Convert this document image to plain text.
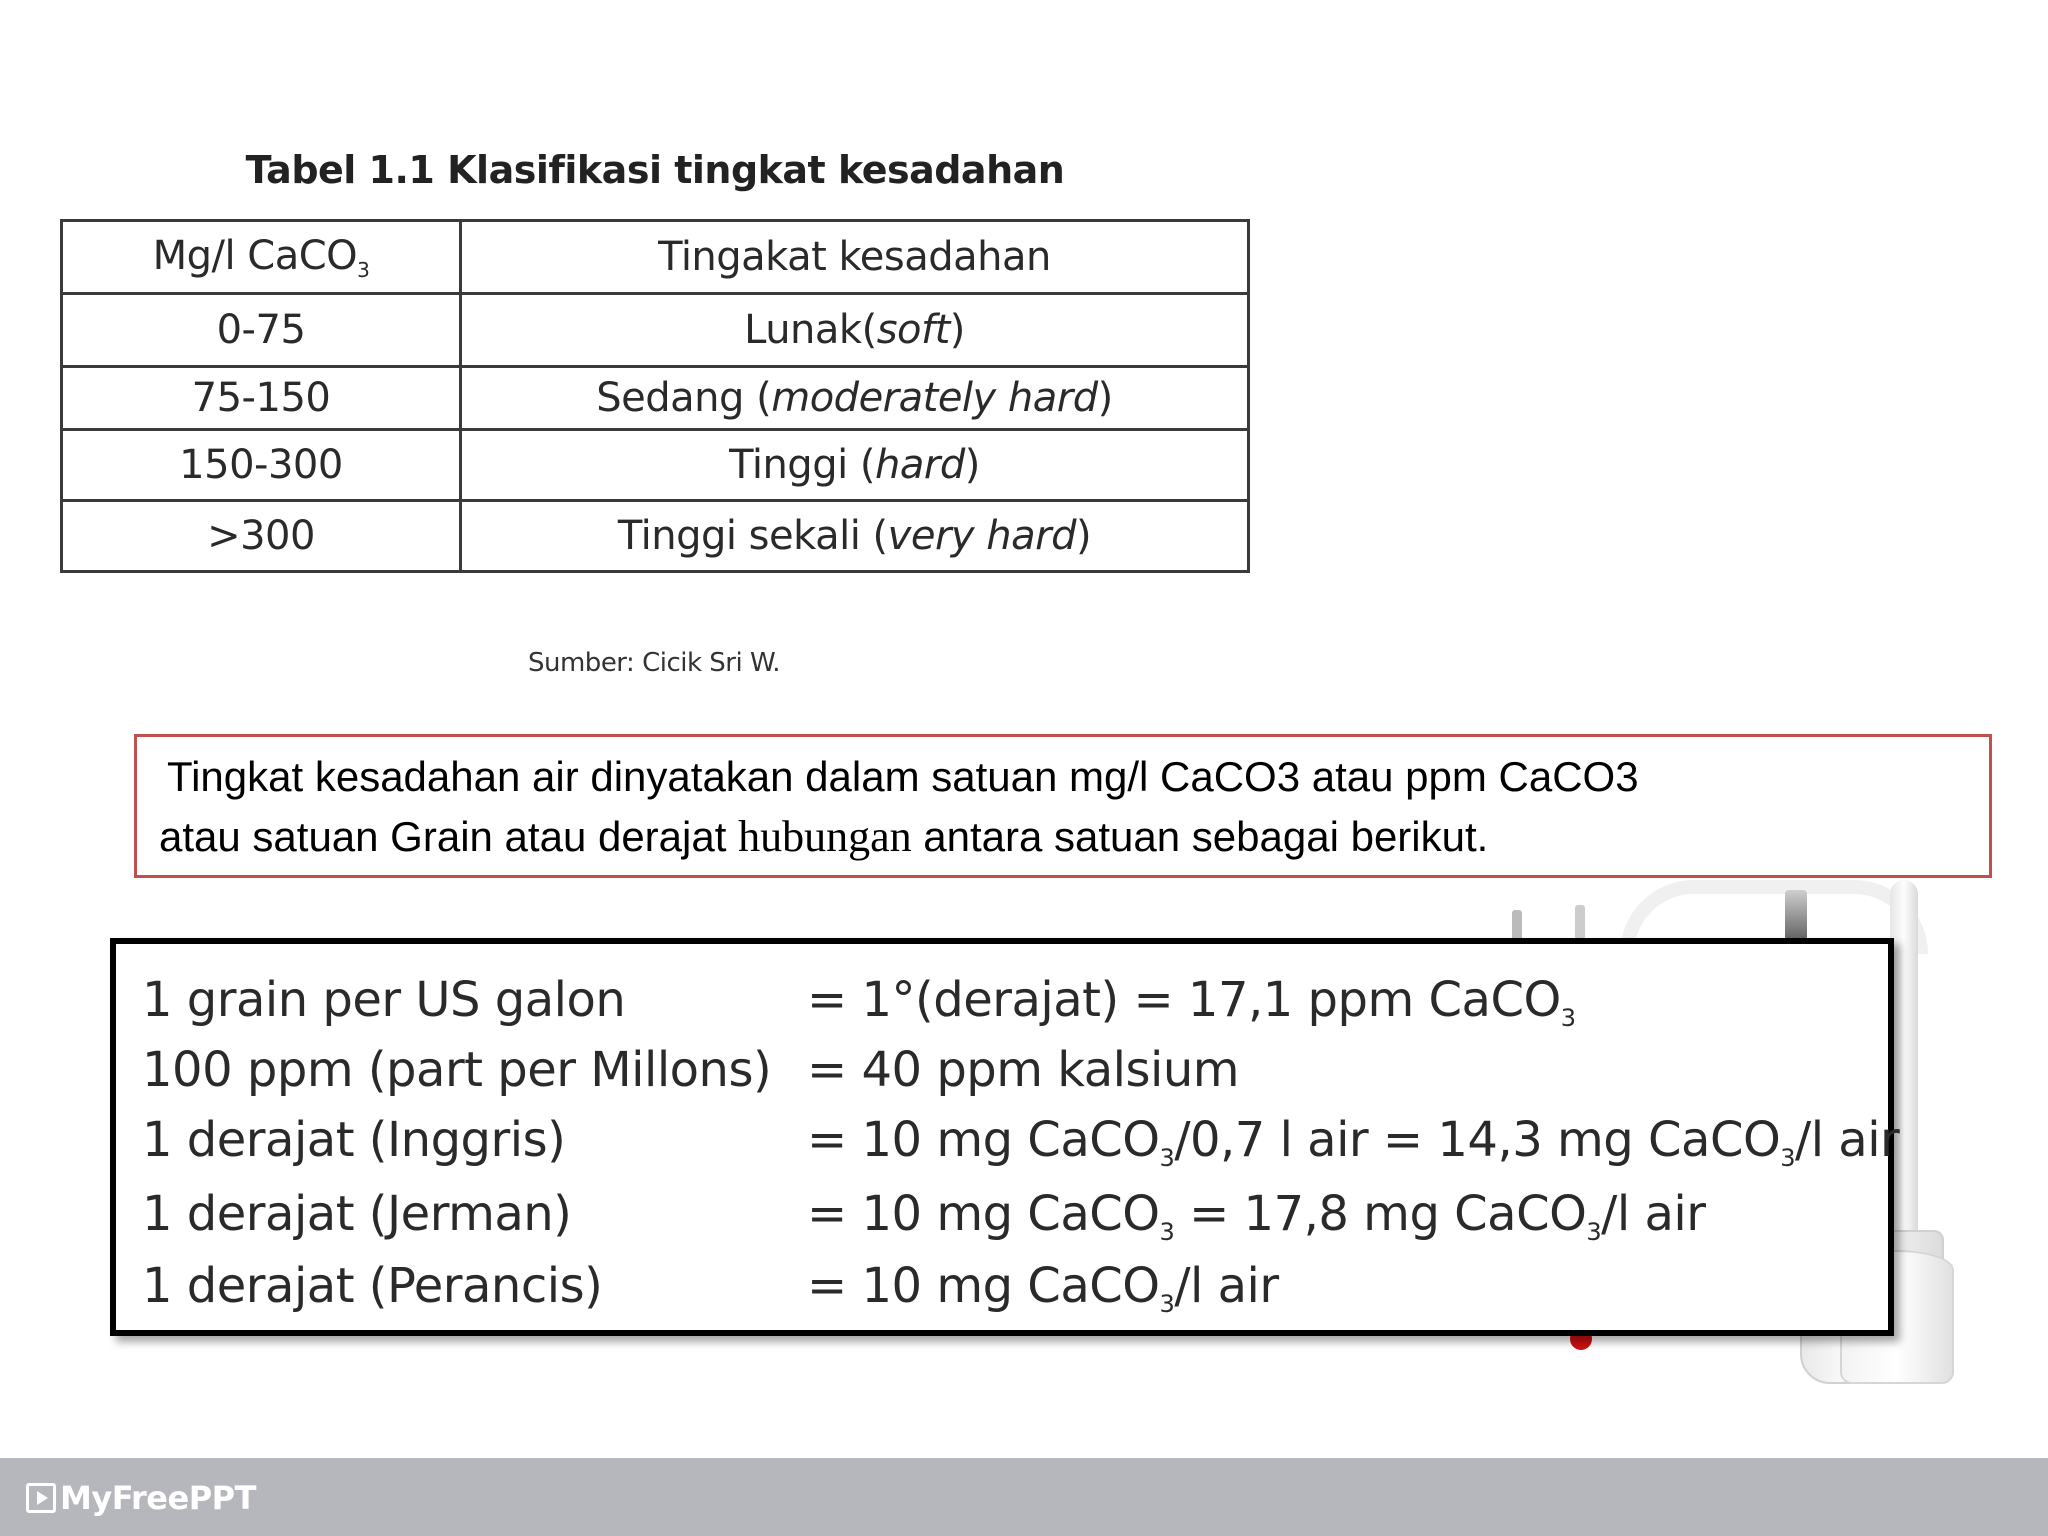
Tabel 1.1 Klasifikasi tingkat kesadahan
Mg/l CaCO$_3$	Tingakat kesadahan
0-75	Lunak(soft)
75-150	Sedang (moderately hard)
150-300	Tinggi (hard)
>300	Tinggi sekali (very hard)
Sumber: Cicik Sri W.
Tingkat kesadahan air dinyatakan dalam satuan mg/l CaCO3 atau ppm CaCO3
atau satuan Grain atau derajat hubungan antara satuan sebagai berikut.
1 grain per US galon	= 1°(derajat) = 17,1 ppm CaCO$_3$
100 ppm (part per Millons) = 40 ppm kalsium
1 derajat (Inggris)	= 10 mg CaCO$_3$/0,7 l air = 14,3 mg CaCO$_3$/l air
1 derajat (Jerman)	= 10 mg CaCO$_3$ = 17,8 mg CaCO$_3$/l air
1 derajat (Perancis)	= 10 mg CaCO$_3$/l air
MyFreePPT
